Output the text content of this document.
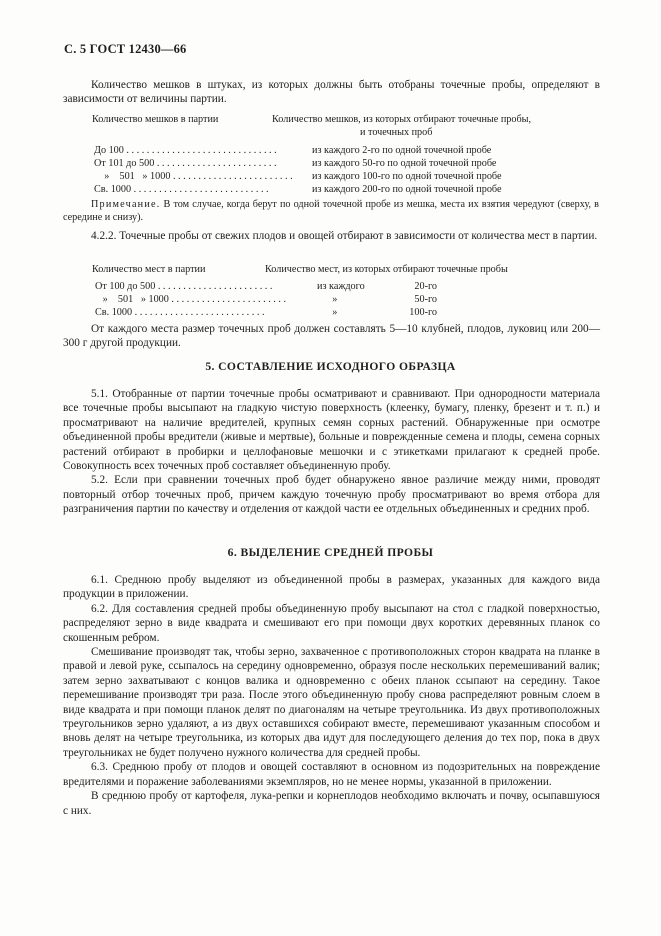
С. 5 ГОСТ 12430—66

Количество мешков в штуках, из которых должны быть отобраны точечные пробы, определяют в зависимости от величины партии.

Количество мешков в партии	Количество мешков, из которых отбирают точечные пробы,
и точечных проб
До 100 . . . . . . . . . . . . . . . . . . . . . . . . . . . . . .	из каждого 2-го по одной точечной пробе
От 101 до 500 . . . . . . . . . . . . . . . . . . . . . . . .	из каждого 50-го по одной точечной пробе
»    501   » 1000 . . . . . . . . . . . . . . . . . . . . . . . .	из каждого 100-го по одной точечной пробе
Св. 1000 . . . . . . . . . . . . . . . . . . . . . . . . . . .	из каждого 200-го по одной точечной пробе

Примечание. В том случае, когда берут по одной точечной пробе из мешка, места их взятия чередуют (сверху, в середине и снизу).

4.2.2. Точечные пробы от свежих плодов и овощей отбирают в зависимости от количества мест в партии.

Количество мест в партии	Количество мест, из которых отбирают точечные пробы
От 100 до 500 . . . . . . . . . . . . . . . . . . . . . . .	из каждого	20-го
»    501   » 1000 . . . . . . . . . . . . . . . . . . . . . . .	»	50-го
Св. 1000 . . . . . . . . . . . . . . . . . . . . . . . . . .	»	100-го

От каждого места размер точечных проб должен составлять 5—10 клубней, плодов, луковиц или 200—300 г другой продукции.

5. СОСТАВЛЕНИЕ ИСХОДНОГО ОБРАЗЦА

5.1. Отобранные от партии точечные пробы осматривают и сравнивают. При однородности материала все точечные пробы высыпают на гладкую чистую поверхность (клеенку, бумагу, пленку, брезент и т. п.) и просматривают на наличие вредителей, крупных семян сорных растений. Обнаруженные при осмотре объединенной пробы вредители (живые и мертвые), больные и поврежденные семена и плоды, семена сорных растений отбирают в пробирки и целлофановые мешочки и с этикетками прилагают к средней пробе. Совокупность всех точечных проб составляет объединенную пробу.

5.2. Если при сравнении точечных проб будет обнаружено явное различие между ними, проводят повторный отбор точечных проб, причем каждую точечную пробу просматривают во время отбора для разграничения партии по качеству и отделения от каждой части ее отдельных объединенных и средних проб.

6. ВЫДЕЛЕНИЕ СРЕДНЕЙ ПРОБЫ

6.1. Среднюю пробу выделяют из объединенной пробы в размерах, указанных для каждого вида продукции в приложении.

6.2. Для составления средней пробы объединенную пробу высыпают на стол с гладкой поверхностью, распределяют зерно в виде квадрата и смешивают его при помощи двух коротких деревянных планок со скошенным ребром.

Смешивание производят так, чтобы зерно, захваченное с противоположных сторон квадрата на планке в правой и левой руке, ссыпалось на середину одновременно, образуя после нескольких перемешиваний валик; затем зерно захватывают с концов валика и одновременно с обеих планок ссыпают на середину. Такое перемешивание производят три раза. После этого объединенную пробу снова распределяют ровным слоем в виде квадрата и при помощи планок делят по диагоналям на четыре треугольника. Из двух противоположных треугольников зерно удаляют, а из двух оставшихся собирают вместе, перемешивают указанным способом и вновь делят на четыре треугольника, из которых два идут для последующего деления до тех пор, пока в двух треугольниках не будет получено нужного количества для средней пробы.

6.3. Среднюю пробу от плодов и овощей составляют в основном из подозрительных на повреждение вредителями и поражение заболеваниями экземпляров, но не менее нормы, указанной в приложении.

В среднюю пробу от картофеля, лука-репки и корнеплодов необходимо включать и почву, осыпавшуюся с них.
